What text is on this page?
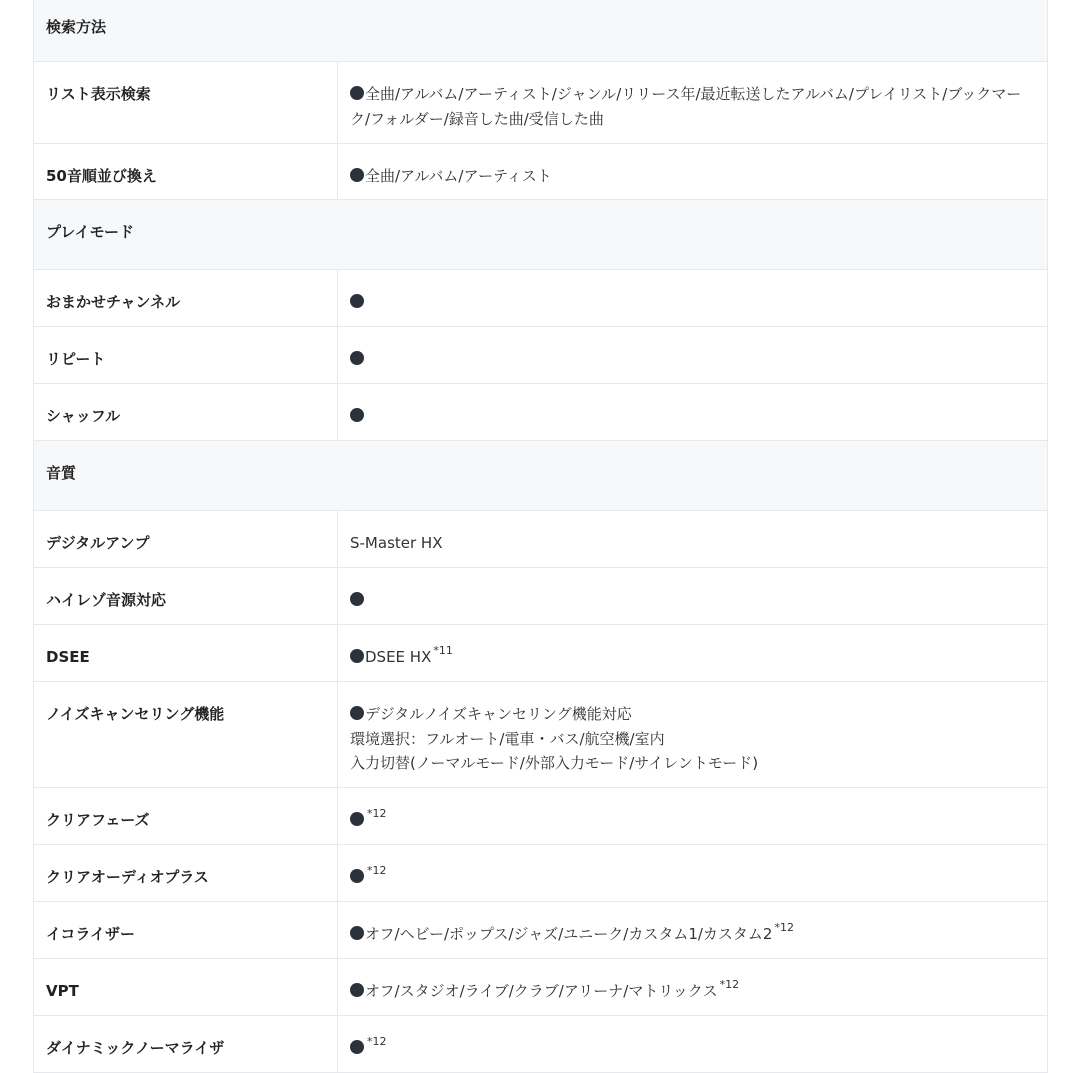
検索方法	

リスト表示検索	全曲/アルバム/アーティスト/ジャンル/リリース年/最近転送したアルバム/プレイリスト/ブックマーク/フォルダー/録音した曲/受信した曲

50音順並び換え	全曲/アルバム/アーティスト

プレイモード	

おまかせチャンネル	

リピート	

シャッフル	

音質	

デジタルアンプ	S-Master HX

ハイレゾ音源対応	

DSEE	DSEE HX $^{*11}$

ノイズキャンセリング機能	デジタルノイズキャンセリング機能対応
環境選択：フルオート/電車・バス/航空機/室内
入力切替(ノーマルモード/外部入力モード/サイレントモード)

クリアフェーズ	$^{*12}$

クリアオーディオプラス	$^{*12}$

イコライザー	オフ/ヘビー/ポップス/ジャズ/ユニーク/カスタム1/カスタム2 $^{*12}$

VPT	オフ/スタジオ/ライブ/クラブ/アリーナ/マトリックス $^{*12}$

ダイナミックノーマライザ	$^{*12}$
